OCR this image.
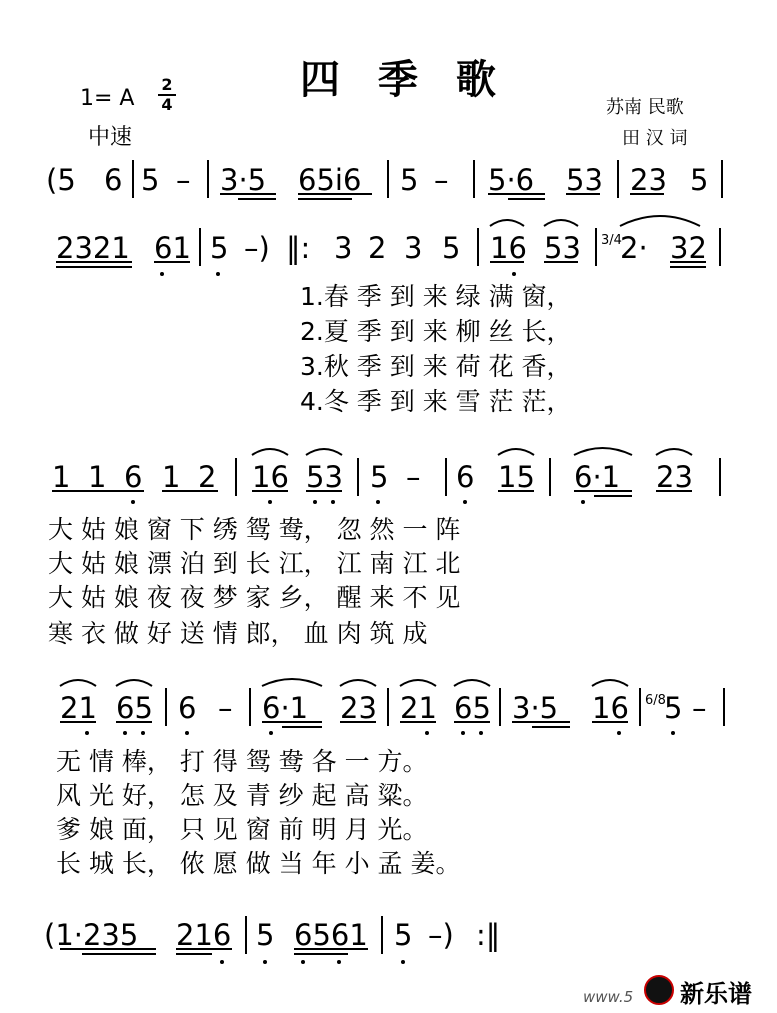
四 季 歌
1= A
2
4
中速
苏南 民歌
田 汉 词
(5 6 5 – 3·5 65i6 5 – 5·6 53 23 5
2321 61 5 –) ‖: 3 2 3 5 16 53 3/4
2· 32
1.春 季 到 来 绿 满 窗，
2.夏 季 到 来 柳 丝 长，
3.秋 季 到 来 荷 花 香，
4.冬 季 到 来 雪 茫 茫，
1 1 6 1 2 16 53 5 – 6 15 6·1 23
大 姑 娘 窗 下 绣 鸳 鸯， 忽 然 一 阵
大 姑 娘 漂 泊 到 长 江， 江 南 江 北
大 姑 娘 夜 夜 梦 家 乡， 醒 来 不 见
寒 衣 做 好 送 情 郎， 血 肉 筑 成
21 65 6 – 6·1 23 21 65 3·5 16 6/8
5 –
无 情 棒， 打 得 鸳 鸯 各 一 方。
风 光 好， 怎 及 青 纱 起 高 粱。
爹 娘 面， 只 见 窗 前 明 月 光。
长 城 长， 侬 愿 做 当 年 小 孟 姜。
(1·235 216 5 6561 5 –) :‖
www.5 新乐谱
